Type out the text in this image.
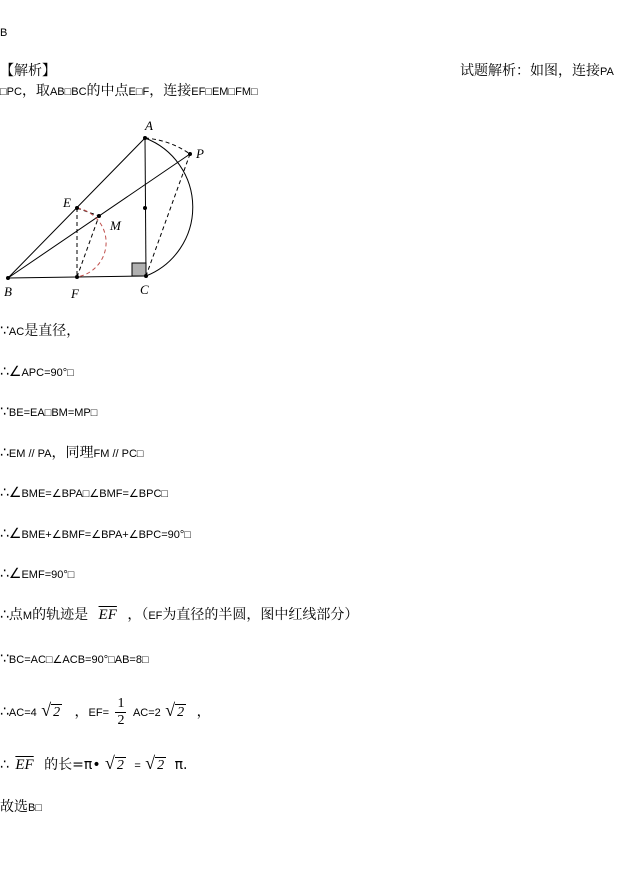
B
【解析】	试题解析：如图，连接PA
□PC，取AB□BC的中点E□F，连接EF□EM□FM□
A
P
E
M
B	F	C
∵AC是直径，
∴∠APC=90°□
∵BE=EA□BM=MP□
∴EM // PA，同理FM // PC□
∴∠BME=∠BPA□∠BMF=∠BPC□
∴∠BME+∠BMF=∠BPA+∠BPC=90°□
∴∠EMF=90°□
∴点M的轨迹是 $\overline{EF}$ ，（EF为直径的半圆，图中红线部分）
∵BC=AC□∠ACB=90°□AB=8□
∴AC=4 √ 2 ，$EF= \frac{1}{2} AC=2$ √ 2 ，
∴ $\overline{EF}$ 的长=π• √ 2 = √ 2 π.
故选B□
